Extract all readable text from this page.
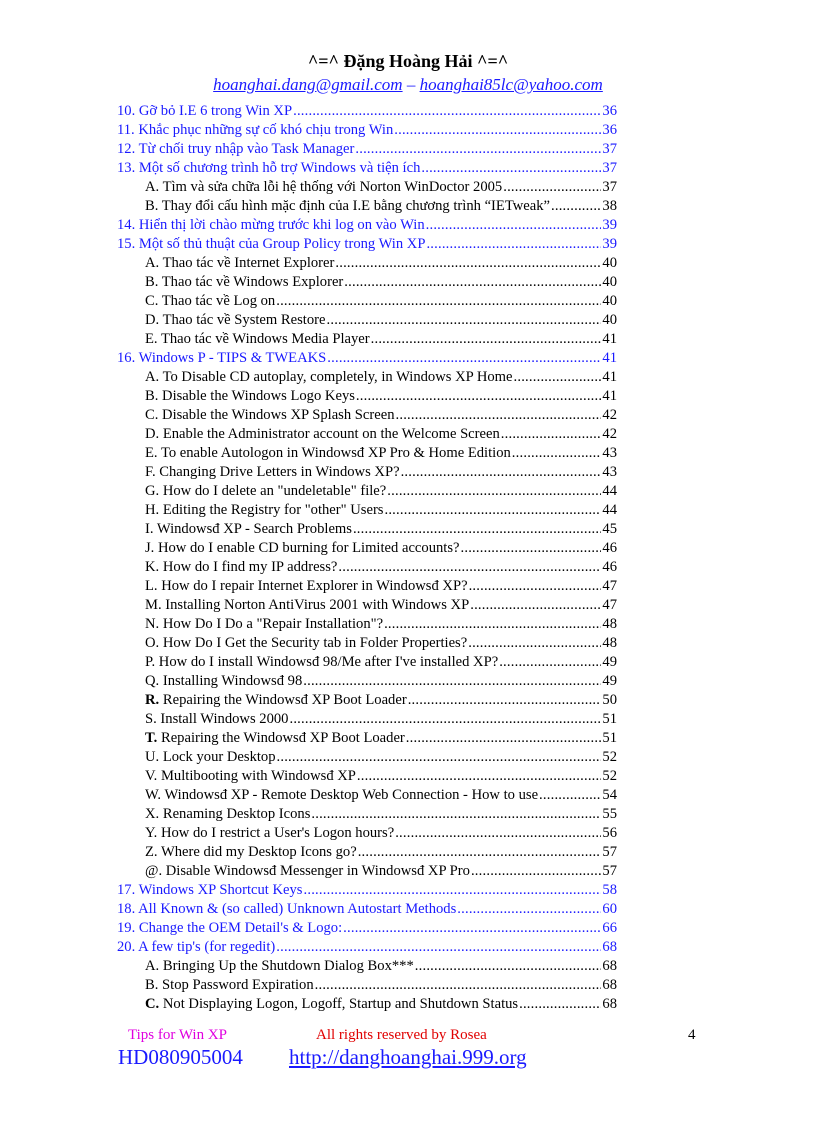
^=^ Đặng Hoàng Hải ^=^
hoanghai.dang@gmail.com – hoanghai85lc@yahoo.com
10. Gỡ bỏ I.E 6 trong Win XP .....	36
11. Khắc phục những sự cố khó chịu trong Win .....	36
12. Từ chối truy nhập vào Task Manager .....	37
13. Một số chương trình hỗ trợ Windows và tiện ích .....	37
A. Tìm và sửa chữa lỗi hệ thống với Norton WinDoctor 2005 .....	37
B. Thay đổi cấu hình mặc định của I.E bằng chương trình “IETweak” .....	38
14. Hiển thị lời chào mừng trước khi log on vào Win .....	39
15. Một số thủ thuật của Group Policy trong Win XP .....	39
A. Thao tác về Internet Explorer .....	40
B. Thao tác về Windows Explorer .....	40
C. Thao tác về Log on .....	40
D. Thao tác về System Restore .....	40
E. Thao tác về Windows Media Player .....	41
16. Windows P - TIPS & TWEAKS .....	41
A. To Disable CD autoplay, completely, in Windows XP Home .....	41
B. Disable the Windows Logo Keys .....	41
C. Disable the Windows XP Splash Screen .....	42
D. Enable the Administrator account on the Welcome Screen .....	42
E. To enable Autologon in Windowsđ XP Pro & Home Edition .....	43
F. Changing Drive Letters in Windows XP? .....	43
G. How do I delete an "undeletable" file? .....	44
H. Editing the Registry for "other" Users .....	44
I. Windowsđ XP - Search Problems .....	45
J. How do I enable CD burning for Limited accounts? .....	46
K. How do I find my IP address? .....	46
L. How do I repair Internet Explorer in Windowsđ XP? .....	47
M. Installing Norton AntiVirus 2001 with Windows XP .....	47
N. How Do I Do a "Repair Installation"? .....	48
O. How Do I Get the Security tab in Folder Properties? .....	48
P. How do I install Windowsđ 98/Me after I've installed XP? .....	49
Q. Installing Windowsđ 98 .....	49
R. Repairing the Windowsđ XP Boot Loader .....	50
S. Install Windows 2000 .....	51
T. Repairing the Windowsđ XP Boot Loader .....	51
U. Lock your Desktop .....	52
V. Multibooting with Windowsđ XP .....	52
W. Windowsđ XP - Remote Desktop Web Connection - How to use .....	54
X. Renaming Desktop Icons .....	55
Y. How do I restrict a User's Logon hours? .....	56
Z. Where did my Desktop Icons go? .....	57
@. Disable Windowsđ Messenger in Windowsđ XP Pro .....	57
17. Windows XP Shortcut Keys .....	58
18. All Known & (so called) Unknown Autostart Methods .....	60
19. Change the OEM Detail's & Logo: .....	66
20. A few tip's (for regedit) .....	68
A. Bringing Up the Shutdown Dialog Box*** .....	68
B. Stop Password Expiration .....	68
C. Not Displaying Logon, Logoff, Startup and Shutdown Status .....	68
Tips for Win XP	All rights reserved by Rosea	4
HD080905004 http://danghoanghai.999.org
